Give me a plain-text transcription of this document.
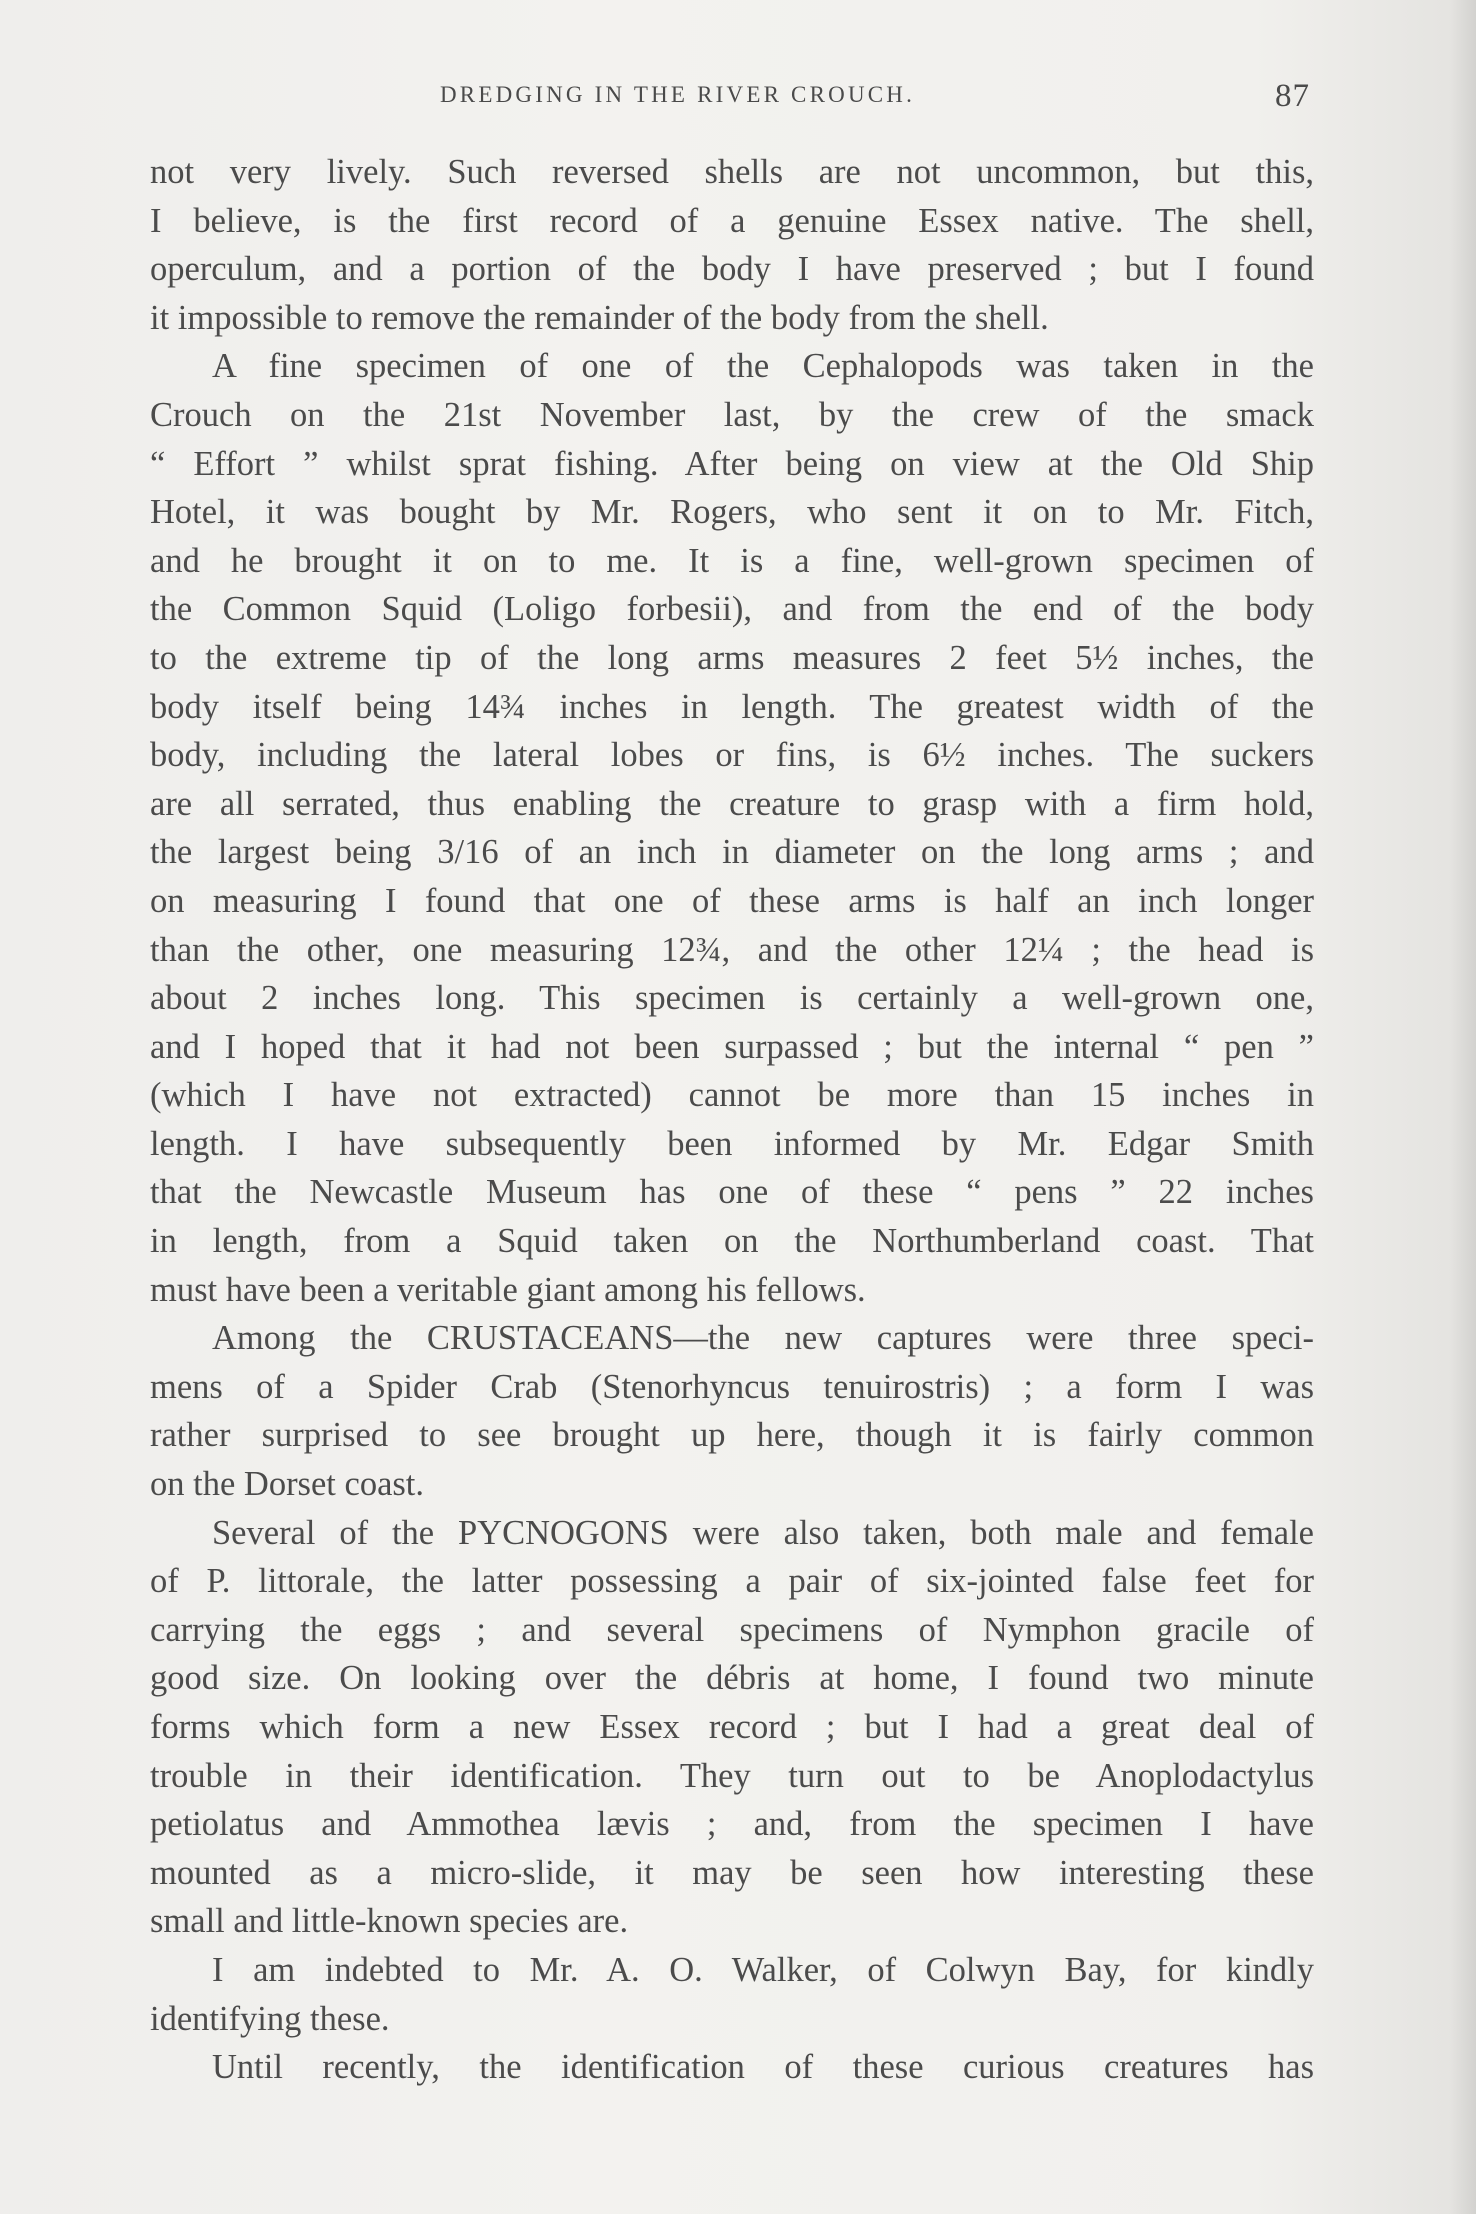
DREDGING IN THE RIVER CROUCH.	87
not very lively. Such reversed shells are not uncommon, but this,
I believe, is the first record of a genuine Essex native. The shell,
operculum, and a portion of the body I have preserved ; but I found
it impossible to remove the remainder of the body from the shell.
A fine specimen of one of the Cephalopods was taken in the
Crouch on the 21st November last, by the crew of the smack
“ Effort ” whilst sprat fishing. After being on view at the Old Ship
Hotel, it was bought by Mr. Rogers, who sent it on to Mr. Fitch,
and he brought it on to me. It is a fine, well-grown specimen of
the Common Squid (Loligo forbesii), and from the end of the body
to the extreme tip of the long arms measures 2 feet 5½ inches, the
body itself being 14¾ inches in length. The greatest width of the
body, including the lateral lobes or fins, is 6½ inches. The suckers
are all serrated, thus enabling the creature to grasp with a firm hold,
the largest being 3/16 of an inch in diameter on the long arms ; and
on measuring I found that one of these arms is half an inch longer
than the other, one measuring 12¾, and the other 12¼ ; the head is
about 2 inches long. This specimen is certainly a well-grown one,
and I hoped that it had not been surpassed ; but the internal “ pen ”
(which I have not extracted) cannot be more than 15 inches in
length. I have subsequently been informed by Mr. Edgar Smith
that the Newcastle Museum has one of these “ pens ” 22 inches
in length, from a Squid taken on the Northumberland coast. That
must have been a veritable giant among his fellows.
Among the CRUSTACEANS—the new captures were three speci-
mens of a Spider Crab (Stenorhyncus tenuirostris) ; a form I was
rather surprised to see brought up here, though it is fairly common
on the Dorset coast.
Several of the PYCNOGONS were also taken, both male and female
of P. littorale, the latter possessing a pair of six-jointed false feet for
carrying the eggs ; and several specimens of Nymphon gracile of
good size. On looking over the débris at home, I found two minute
forms which form a new Essex record ; but I had a great deal of
trouble in their identification. They turn out to be Anoplodactylus
petiolatus and Ammothea lævis ; and, from the specimen I have
mounted as a micro-slide, it may be seen how interesting these
small and little-known species are.
I am indebted to Mr. A. O. Walker, of Colwyn Bay, for kindly
identifying these.
Until recently, the identification of these curious creatures has
